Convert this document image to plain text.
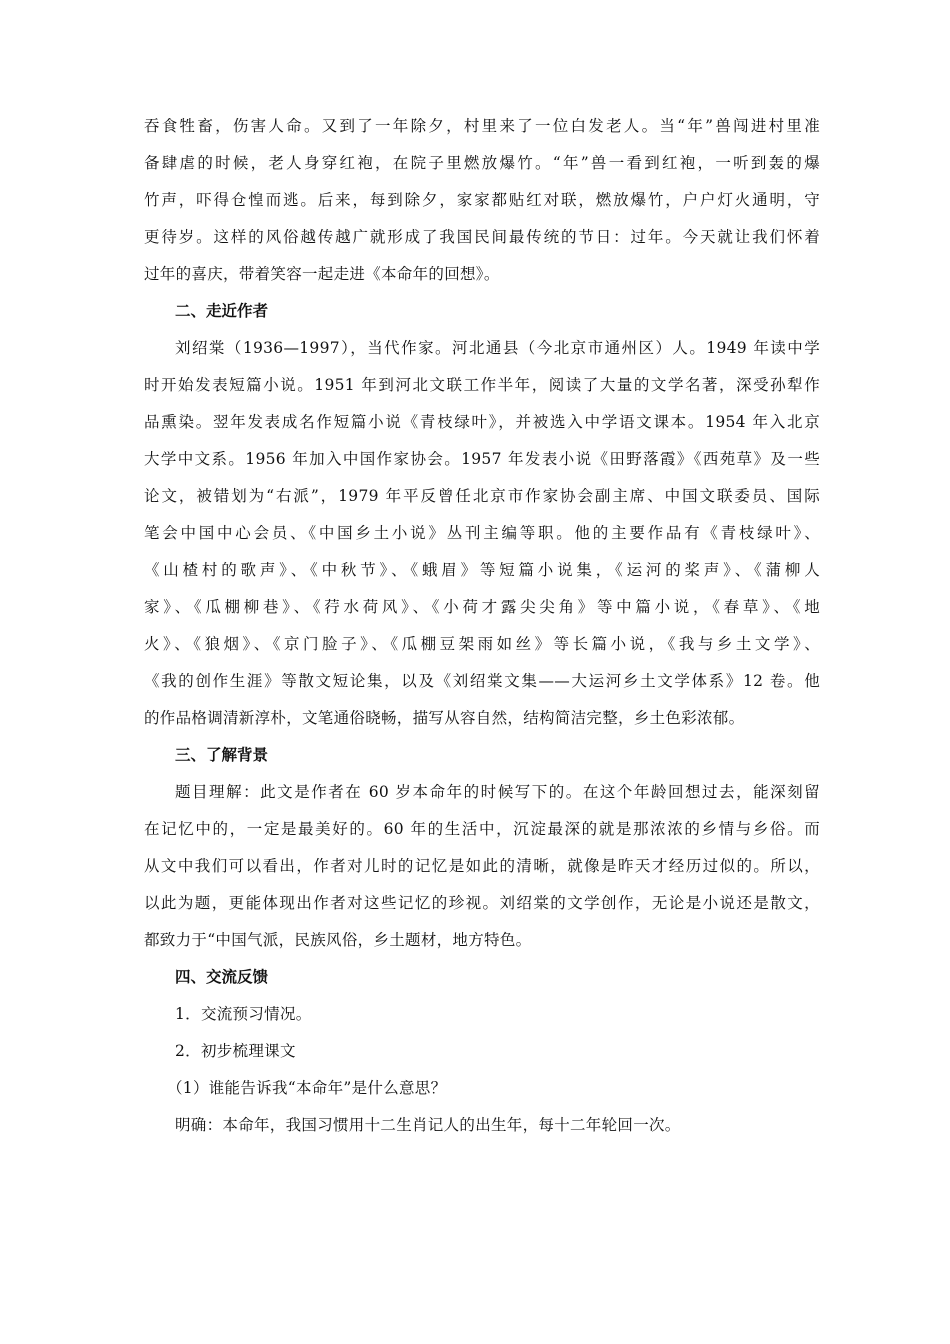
吞食牲畜，伤害人命。又到了一年除夕，村里来了一位白发老人。当“年”兽闯进村里准
备肆虐的时候，老人身穿红袍，在院子里燃放爆竹。“年”兽一看到红袍，一听到轰的爆
竹声，吓得仓惶而逃。后来，每到除夕，家家都贴红对联，燃放爆竹，户户灯火通明，守
更待岁。这样的风俗越传越广就形成了我国民间最传统的节日：过年。今天就让我们怀着
过年的喜庆，带着笑容一起走进《本命年的回想》。
二、走近作者
刘绍棠（1936—1997），当代作家。河北通县（今北京市通州区）人。1949 年读中学
时开始发表短篇小说。1951 年到河北文联工作半年，阅读了大量的文学名著，深受孙犁作
品熏染。翌年发表成名作短篇小说《青枝绿叶》，并被选入中学语文课本。1954 年入北京
大学中文系。1956 年加入中国作家协会。1957 年发表小说《田野落霞》《西苑草》及一些
论文，被错划为“右派”，1979 年平反曾任北京市作家协会副主席、中国文联委员、国际
笔会中国中心会员、《中国乡土小说》丛刊主编等职。他的主要作品有《青枝绿叶》、
《山楂村的歌声》、《中秋节》、《蛾眉》等短篇小说集，《运河的桨声》、《蒲柳人
家》、《瓜棚柳巷》、《荇水荷风》、《小荷才露尖尖角》等中篇小说，《春草》、《地
火》、《狼烟》、《京门脸子》、《瓜棚豆架雨如丝》等长篇小说，《我与乡土文学》、
《我的创作生涯》等散文短论集，以及《刘绍棠文集——大运河乡土文学体系》12 卷。他
的作品格调清新淳朴，文笔通俗晓畅，描写从容自然，结构简洁完整，乡土色彩浓郁。
三、了解背景
题目理解：此文是作者在 60 岁本命年的时候写下的。在这个年龄回想过去，能深刻留
在记忆中的，一定是最美好的。60 年的生活中，沉淀最深的就是那浓浓的乡情与乡俗。而
从文中我们可以看出，作者对儿时的记忆是如此的清晰，就像是昨天才经历过似的。所以，
以此为题，更能体现出作者对这些记忆的珍视。刘绍棠的文学创作，无论是小说还是散文，
都致力于“中国气派，民族风俗，乡土题材，地方特色。
四、交流反馈
1．交流预习情况。
2．初步梳理课文
（1）谁能告诉我“本命年”是什么意思？
明确：本命年，我国习惯用十二生肖记人的出生年，每十二年轮回一次。
